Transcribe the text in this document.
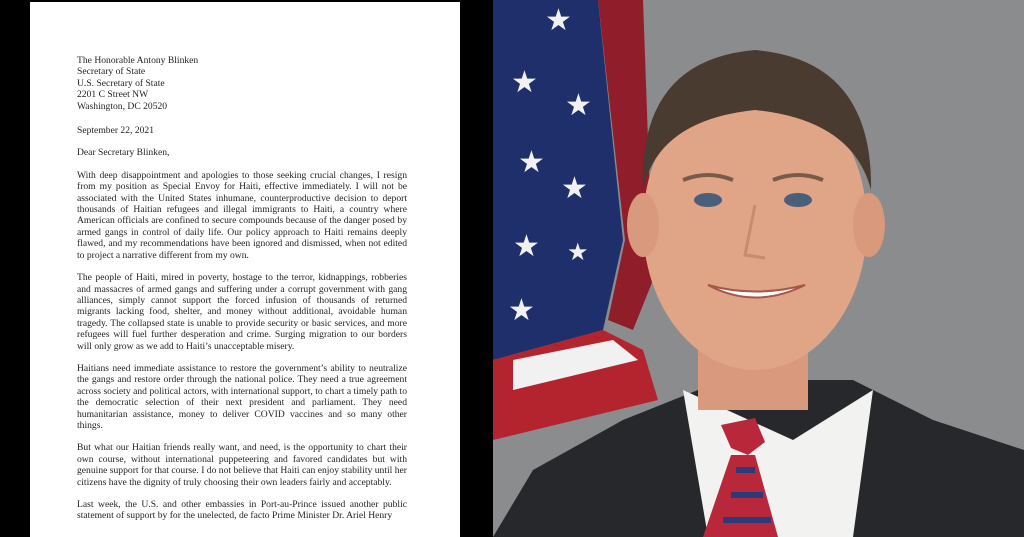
The Honorable Antony Blinken
Secretary of State
U.S. Secretary of State
2201 C Street NW
Washington, DC 20520
September 22, 2021
Dear Secretary Blinken,

With deep disappointment and apologies to those seeking crucial changes, I resign from my position as Special Envoy for Haiti, effective immediately. I will not be associated with the United States inhumane, counterproductive decision to deport thousands of Haitian refugees and illegal immigrants to Haiti, a country where American officials are confined to secure compounds because of the danger posed by armed gangs in control of daily life. Our policy approach to Haiti remains deeply flawed, and my recommendations have been ignored and dismissed, when not edited to project a narrative different from my own.

The people of Haiti, mired in poverty, hostage to the terror, kidnappings, robberies and massacres of armed gangs and suffering under a corrupt government with gang alliances, simply cannot support the forced infusion of thousands of returned migrants lacking food, shelter, and money without additional, avoidable human tragedy. The collapsed state is unable to provide security or basic services, and more refugees will fuel further desperation and crime. Surging migration to our borders will only grow as we add to Haiti’s unacceptable misery.

Haitians need immediate assistance to restore the government’s ability to neutralize the gangs and restore order through the national police. They need a true agreement across society and political actors, with international support, to chart a timely path to the democratic selection of their next president and parliament. They need humanitarian assistance, money to deliver COVID vaccines and so many other things.

But what our Haitian friends really want, and need, is the opportunity to chart their own course, without international puppeteering and favored candidates but with genuine support for that course. I do not believe that Haiti can enjoy stability until her citizens have the dignity of truly choosing their own leaders fairly and acceptably.

Last week, the U.S. and other embassies in Port-au-Prince issued another public statement of support by for the unelected, de facto Prime Minister Dr. Ariel Henry

★
★
★
★
★
★ ★
★
